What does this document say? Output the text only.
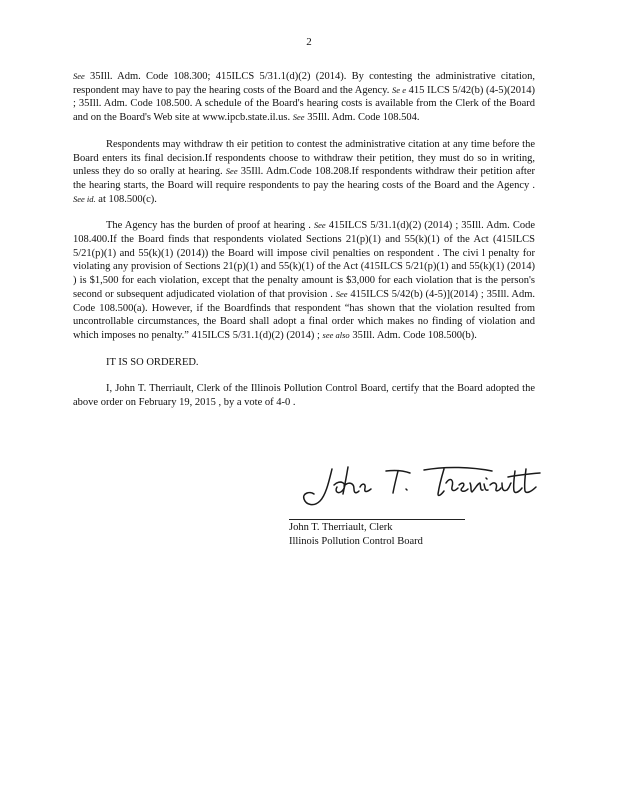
2

See 35Ill. Adm. Code 108.300; 415ILCS 5/31.1(d)(2) (2014). By contesting the administrative citation, respondent may have to pay the hearing costs of the Board and the Agency. Se e 415 ILCS 5/42(b) (4-5)(2014) ; 35Ill. Adm. Code 108.500. A schedule of the Board's hearing costs is available from the Clerk of the Board and on the Board's Web site at www.ipcb.state.il.us. See 35Ill. Adm. Code 108.504.

Respondents may withdraw th eir petition to contest the administrative citation at any time before the Board enters its final decision.If respondents choose to withdraw their petition, they must do so in writing, unless they do so orally at hearing. See 35Ill. Adm.Code 108.208.If respondents withdraw their petition after the hearing starts, the Board will require respondents to pay the hearing costs of the Board and the Agency . See id. at 108.500(c).

The Agency has the burden of proof at hearing . See 415ILCS 5/31.1(d)(2) (2014) ; 35Ill. Adm. Code 108.400.If the Board finds that respondents violated Sections 21(p)(1) and 55(k)(1) of the Act (415ILCS 5/21(p)(1) and 55(k)(1) (2014)) the Board will impose civil penalties on respondent . The civi l penalty for violating any provision of Sections 21(p)(1) and 55(k)(1) of the Act (415ILCS 5/21(p)(1) and 55(k)(1) (2014) ) is $1,500 for each violation, except that the penalty amount is $3,000 for each violation that is the person's second or subsequent adjudicated violation of that provision . See 415ILCS 5/42(b) (4-5)](2014) ; 35Ill. Adm. Code 108.500(a). However, if the Boardfinds that respondent “has shown that the violation resulted from uncontrollable circumstances, the Board shall adopt a final order which makes no finding of violation and which imposes no penalty.” 415ILCS 5/31.1(d)(2) (2014) ; see also 35Ill. Adm. Code 108.500(b).

IT IS SO ORDERED.

I, John T. Therriault, Clerk of the Illinois Pollution Control Board, certify that the Board adopted the above order on February 19, 2015 , by a vote of 4-0 .

John T. Therriault, Clerk
Illinois Pollution Control Board
